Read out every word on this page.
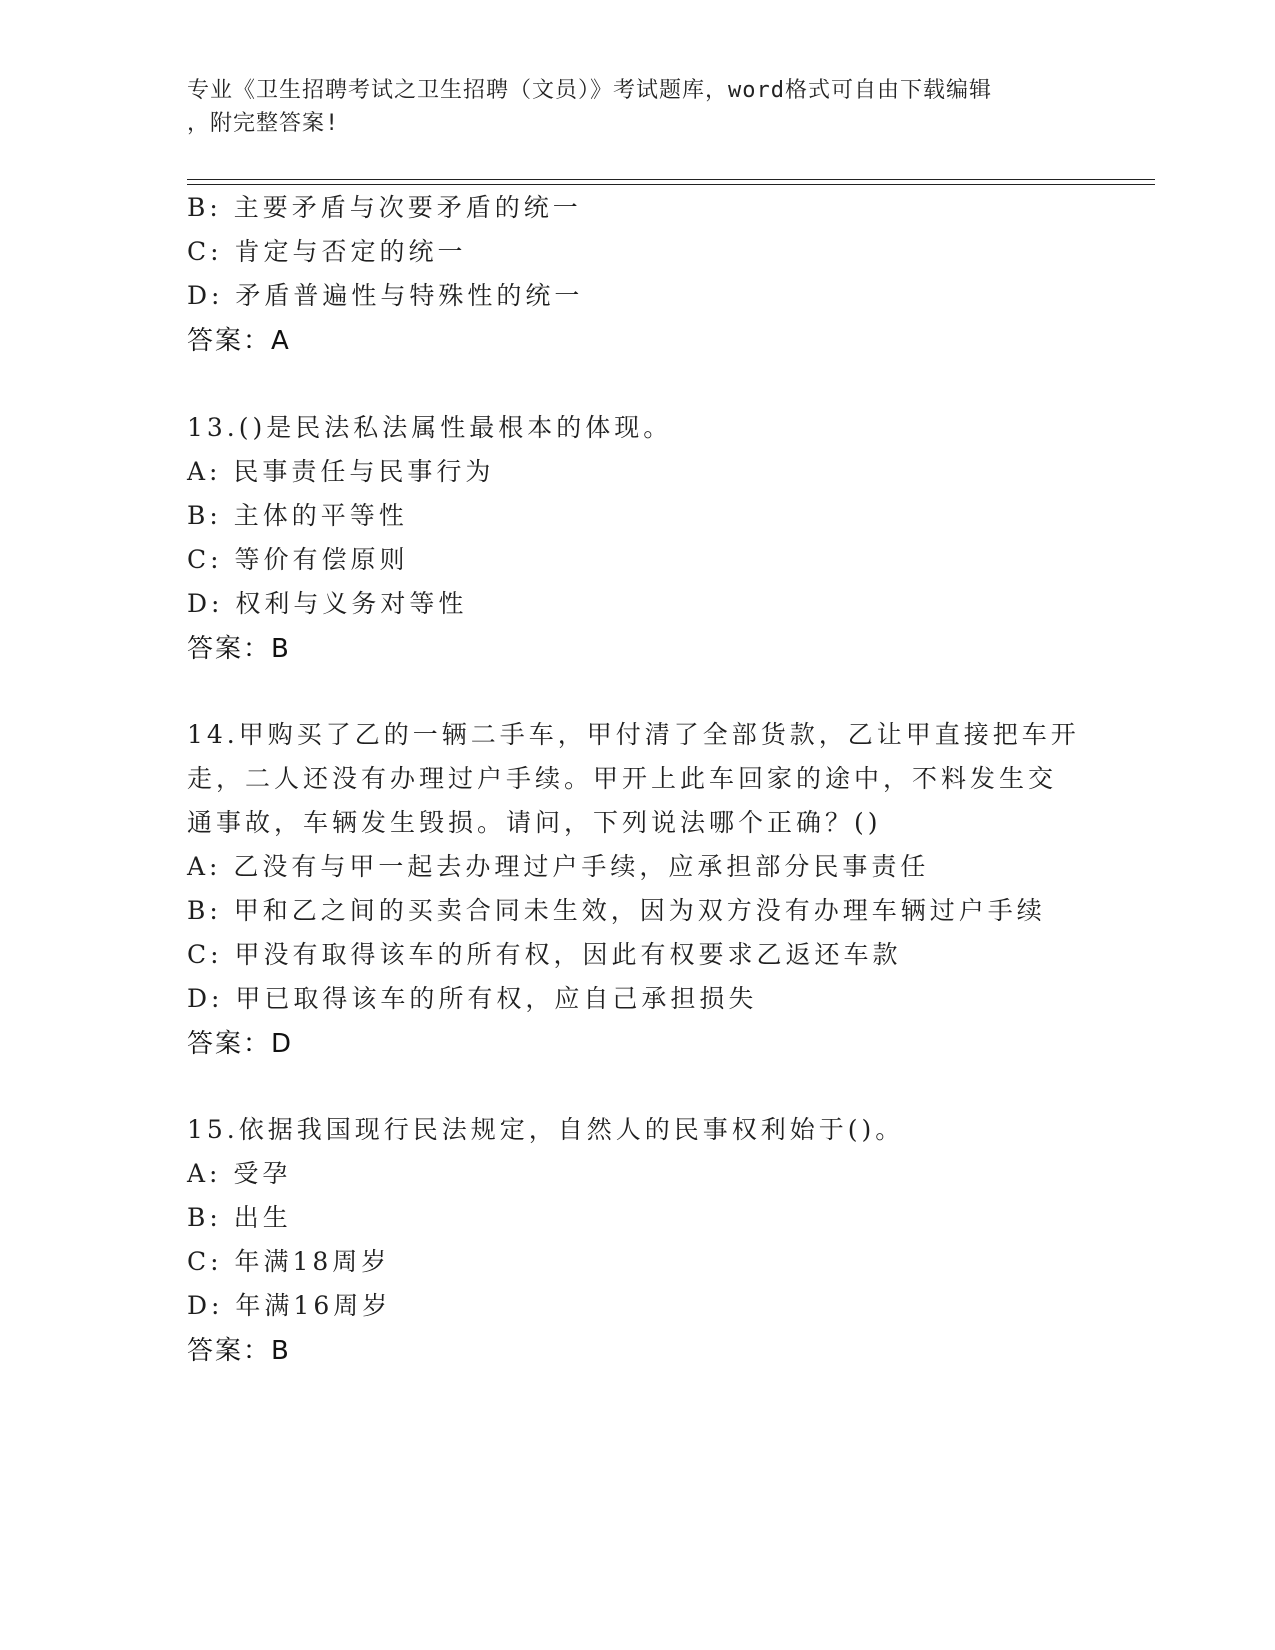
专业《卫生招聘考试之卫生招聘（文员）》考试题库，word格式可自由下载编辑
，附完整答案!
B: 主要矛盾与次要矛盾的统一
C: 肯定与否定的统一
D: 矛盾普遍性与特殊性的统一
答案：A
13.()是民法私法属性最根本的体现。
A: 民事责任与民事行为
B: 主体的平等性
C: 等价有偿原则
D: 权利与义务对等性
答案：B
14.甲购买了乙的一辆二手车，甲付清了全部货款，乙让甲直接把车开
走，二人还没有办理过户手续。甲开上此车回家的途中，不料发生交
通事故，车辆发生毁损。请问，下列说法哪个正确？()
A: 乙没有与甲一起去办理过户手续，应承担部分民事责任
B: 甲和乙之间的买卖合同未生效，因为双方没有办理车辆过户手续
C: 甲没有取得该车的所有权，因此有权要求乙返还车款
D: 甲已取得该车的所有权，应自己承担损失
答案：D
15.依据我国现行民法规定，自然人的民事权利始于()。
A: 受孕
B: 出生
C: 年满18周岁
D: 年满16周岁
答案：B
